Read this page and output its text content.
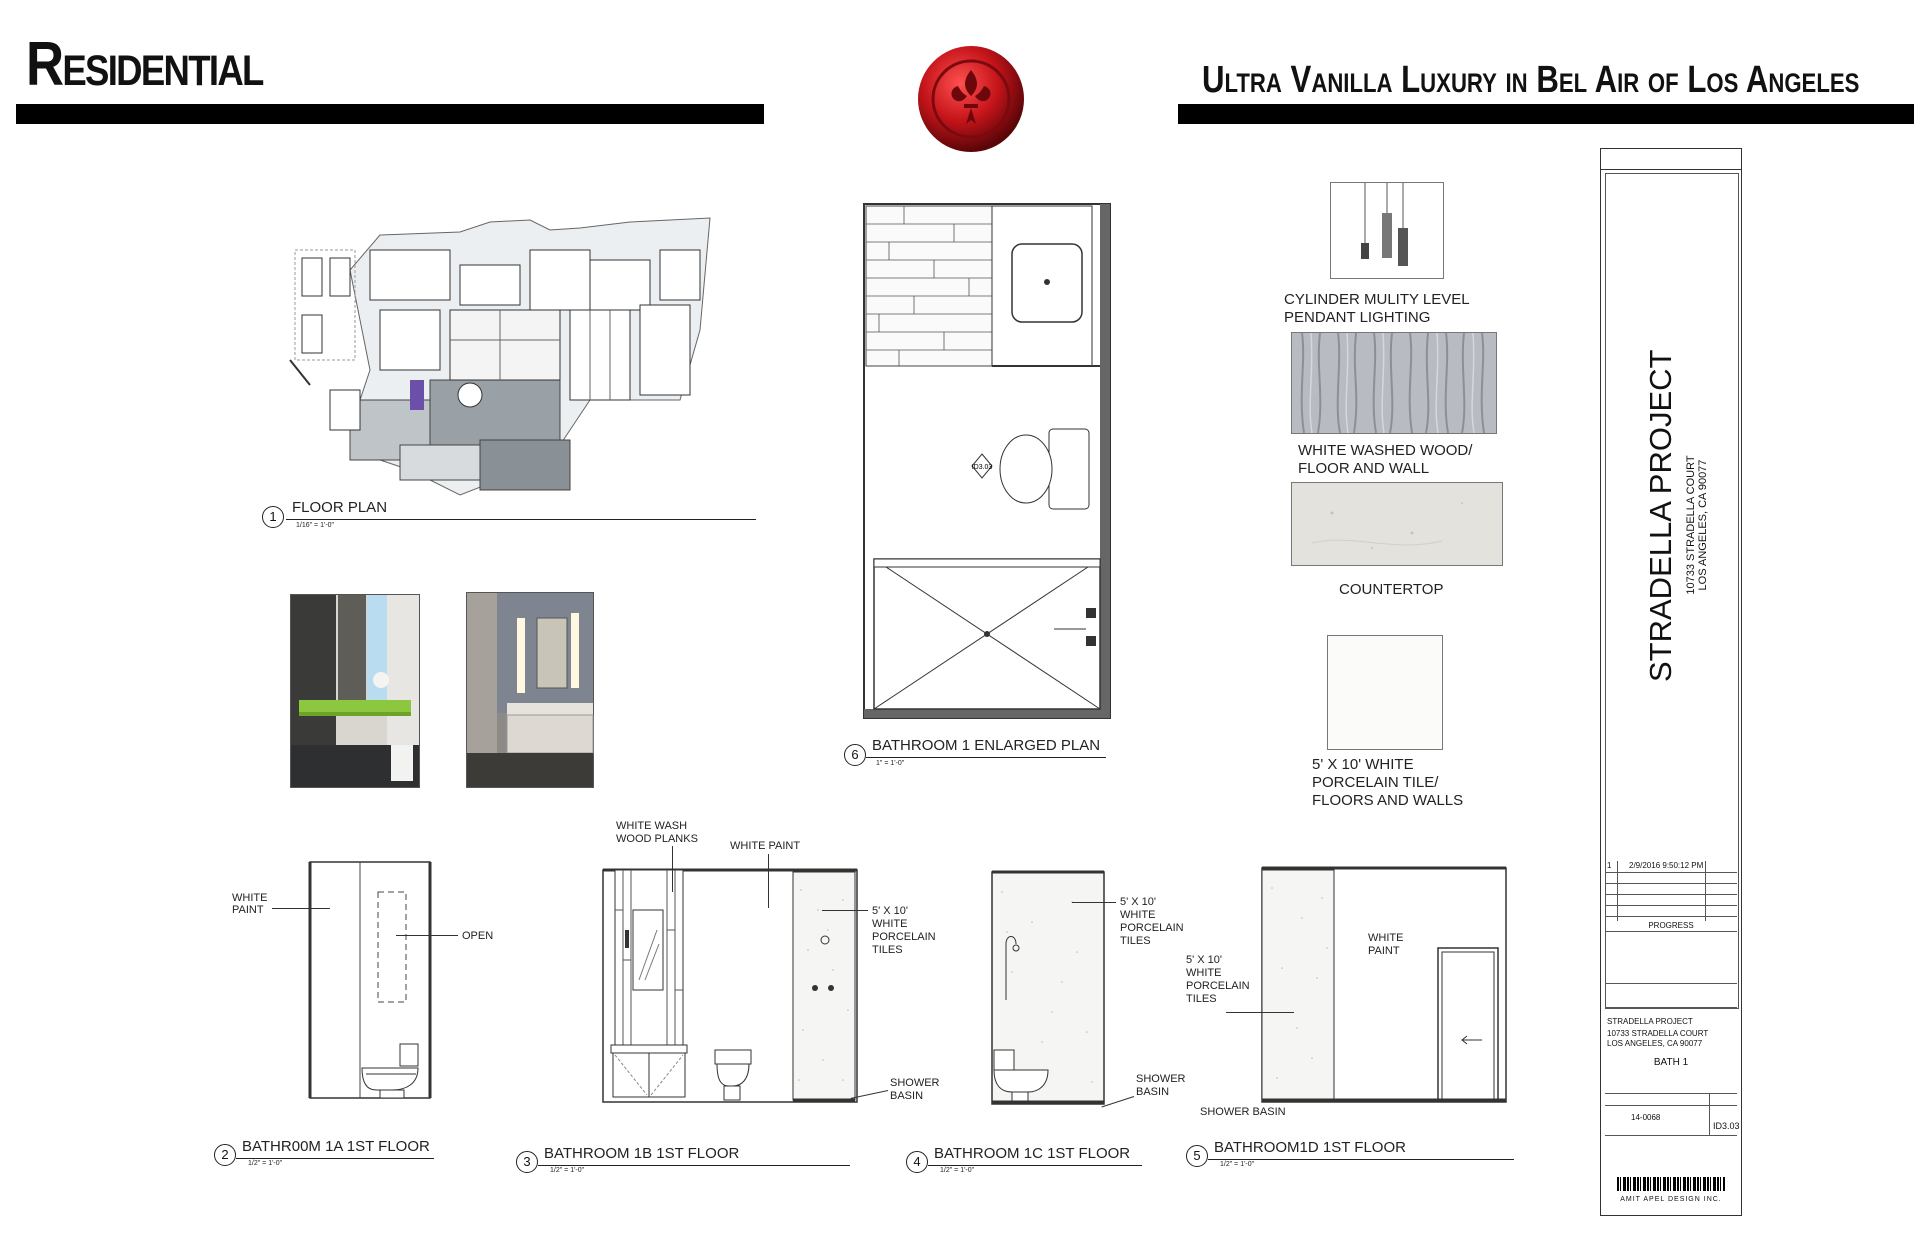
Residential	Ultra Vanilla Luxury in Bel Air of Los Angeles
1
FLOOR PLAN
1/16" = 1'-0"
ID3.03
6
BATHROOM 1 ENLARGED PLAN
1" = 1'-0"
CYLINDER MULITY LEVEL
PENDANT LIGHTING
WHITE WASHED WOOD/
FLOOR AND WALL
COUNTERTOP
5' X 10' WHITE
PORCELAIN TILE/
FLOORS AND WALLS
WHITE
PAINT
OPEN
2 BATHR00M 1A 1ST FLOOR
1/2" = 1'-0"
WHITE WASH
WOOD PLANKS
WHITE PAINT
5' X 10'
WHITE
PORCELAIN
TILES
SHOWER
BASIN
3 BATHROOM 1B 1ST FLOOR
1/2" = 1'-0"
5' X 10'
WHITE
PORCELAIN
TILES
SHOWER
BASIN
4 BATHROOM 1C 1ST FLOOR
1/2" = 1'-0"
5' X 10'
WHITE
PORCELAIN
TILES
WHITE
PAINT
SHOWER BASIN
5 BATHROOM1D 1ST FLOOR
1/2" = 1'-0"
STRADELLA PROJECT 10733 STRADELLA COURT LOS ANGELES, CA 90077
1 2/9/2016 9:50:12 PM
PROGRESS
STRADELLA PROJECT
10733 STRADELLA COURT
LOS ANGELES, CA 90077
BATH 1
14-0068
ID3.03
AMIT APEL DESIGN INC.
